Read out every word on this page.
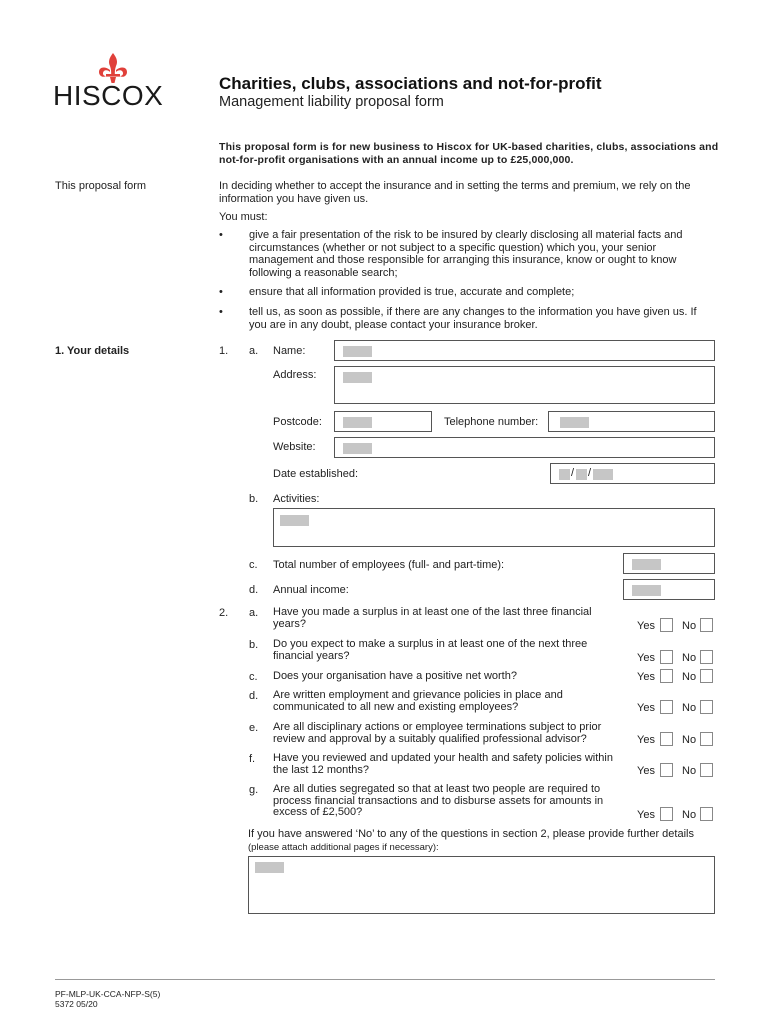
HISCOX	Charities, clubs, associations and not-for-profit
Management liability proposal form
This proposal form is for new business to Hiscox for UK-based charities, clubs, associations and not-for-profit organisations with an annual income up to £25,000,000.
This proposal form	In deciding whether to accept the insurance and in setting the terms and premium, we rely on the information you have given us.
You must:
• give a fair presentation of the risk to be insured by clearly disclosing all material facts and circumstances (whether or not subject to a specific question) which you, your senior management and those responsible for arranging this insurance, know or ought to know following a reasonable search;
• ensure that all information provided is true, accurate and complete;
• tell us, as soon as possible, if there are any changes to the information you have given us. If you are in any doubt, please contact your insurance broker.
1. Your details	1. a. Name:
Address:
Postcode:	Telephone number:
Website:
Date established:	/ /
b. Activities:
c. Total number of employees (full- and part-time):
d. Annual income:
2. a. Have you made a surplus in at least one of the last three financial years?	Yes No
b. Do you expect to make a surplus in at least one of the next three financial years?	Yes No
c. Does your organisation have a positive net worth?	Yes No
d. Are written employment and grievance policies in place and communicated to all new and existing employees?	Yes No
e. Are all disciplinary actions or employee terminations subject to prior review and approval by a suitably qualified professional advisor?	Yes No
f. Have you reviewed and updated your health and safety policies within the last 12 months?	Yes No
g. Are all duties segregated so that at least two people are required to process financial transactions and to disburse assets for amounts in excess of £2,500?	Yes No
If you have answered ‘No’ to any of the questions in section 2, please provide further details (please attach additional pages if necessary):
PF-MLP-UK-CCA-NFP-S(5)
5372 05/20
